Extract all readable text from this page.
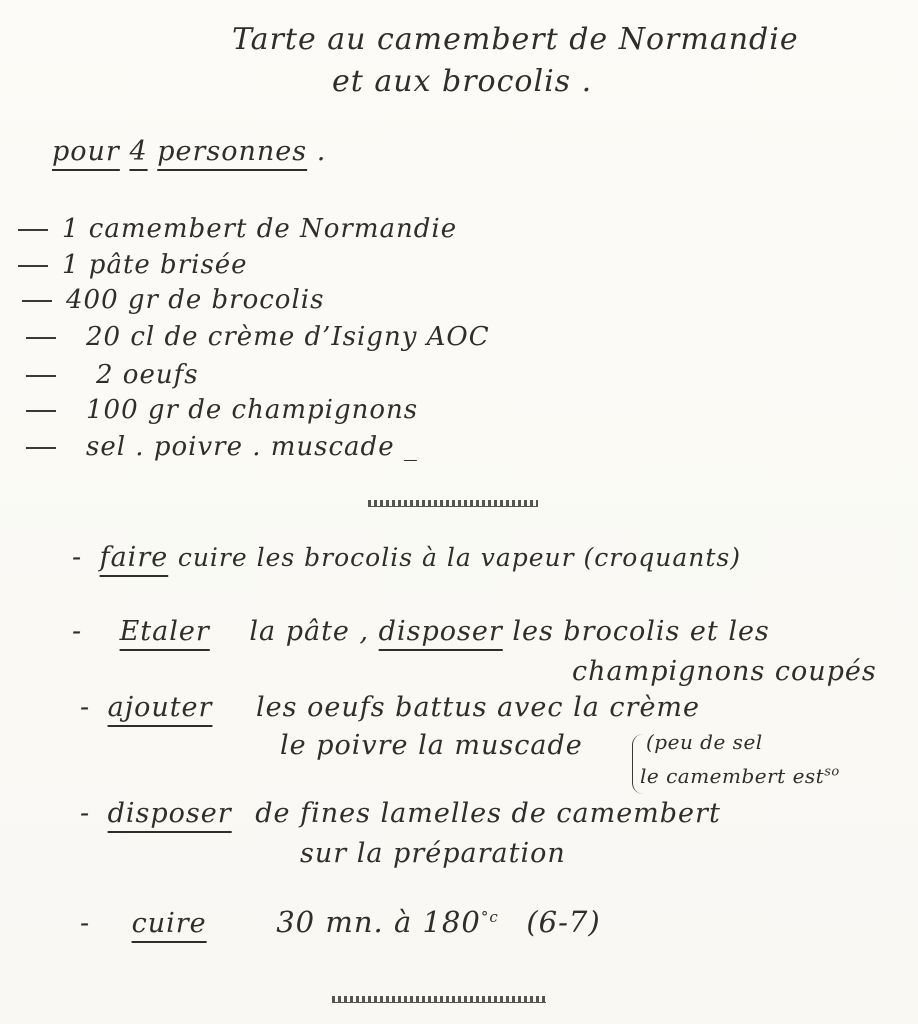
Tarte au camembert de Normandie
et aux brocolis .
pour 4 personnes .
1 camembert de Normandie
1 pâte brisée
400 gr de brocolis
20 cl de crème d’Isigny AOC
2 oeufs
100 gr de champignons
sel . poivre . muscade _
- faire cuire les brocolis à la vapeur (croquants)
- Etaler la pâte , disposer les brocolis et les
champignons coupés
- ajouter les oeufs battus avec la crème
le poivre la muscade	(peu de sel
le camembert est$^{so}$
- disposer de fines lamelles de camembert
sur la préparation
- cuire 30 mn. à $180^{^\circ c}$ (6-7)
